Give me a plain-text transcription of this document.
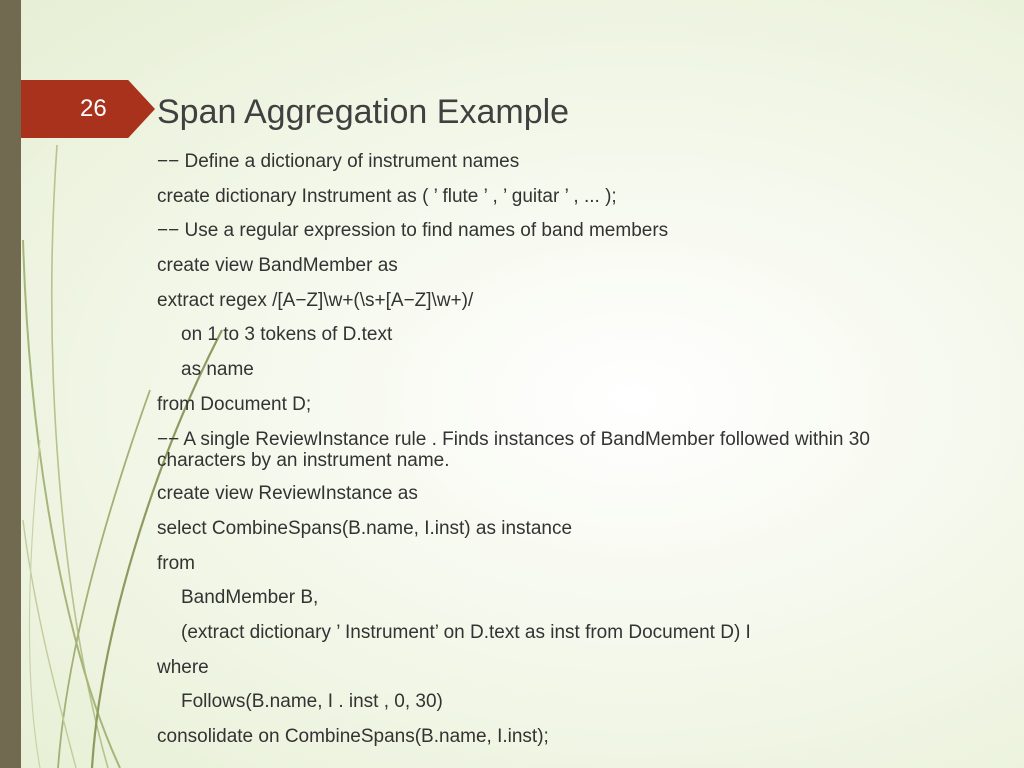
26 Span Aggregation Example
−− Define a dictionary of instrument names
create dictionary Instrument as ( ’ flute ’ , ’ guitar ’ , ... );
−− Use a regular expression to find names of band members
create view BandMember as
extract regex /[A−Z]\w+(\s+[A−Z]\w+)/
on 1 to 3 tokens of D.text
as name
from Document D;
−− A single ReviewInstance rule . Finds instances of BandMember followed within 30 characters by an instrument name.
create view ReviewInstance as
select CombineSpans(B.name, I.inst) as instance
from
BandMember B,
(extract dictionary ’ Instrument’ on D.text as inst from Document D) I
where
Follows(B.name, I . inst , 0, 30)
consolidate on CombineSpans(B.name, I.inst);
